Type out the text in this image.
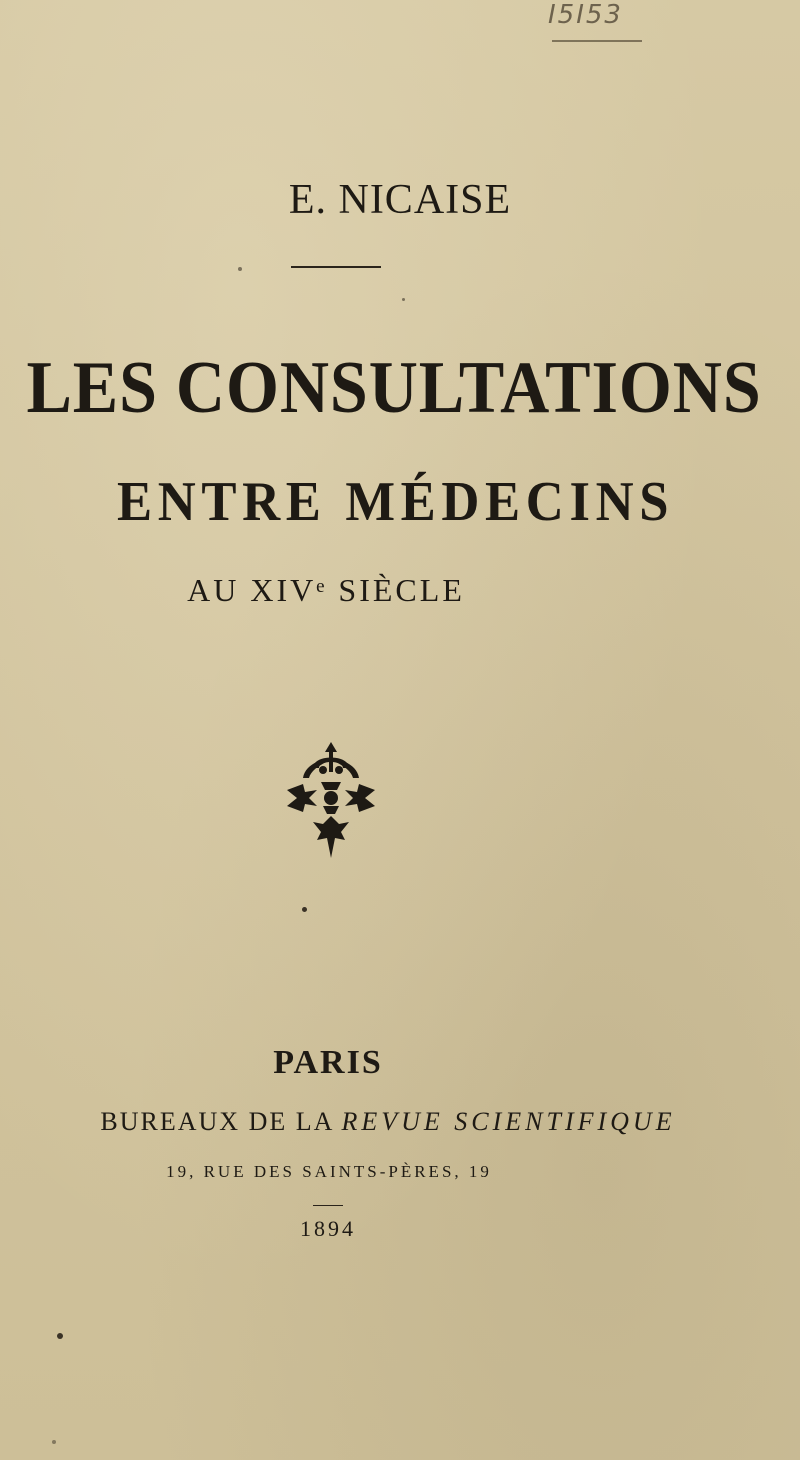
I5I53
E. NICAISE
LES CONSULTATIONS
ENTRE MÉDECINS
AU XIVᵉ SIÈCLE
PARIS
BUREAUX DE LA REVUE SCIENTIFIQUE
19, RUE DES SAINTS-PÈRES, 19
1894
